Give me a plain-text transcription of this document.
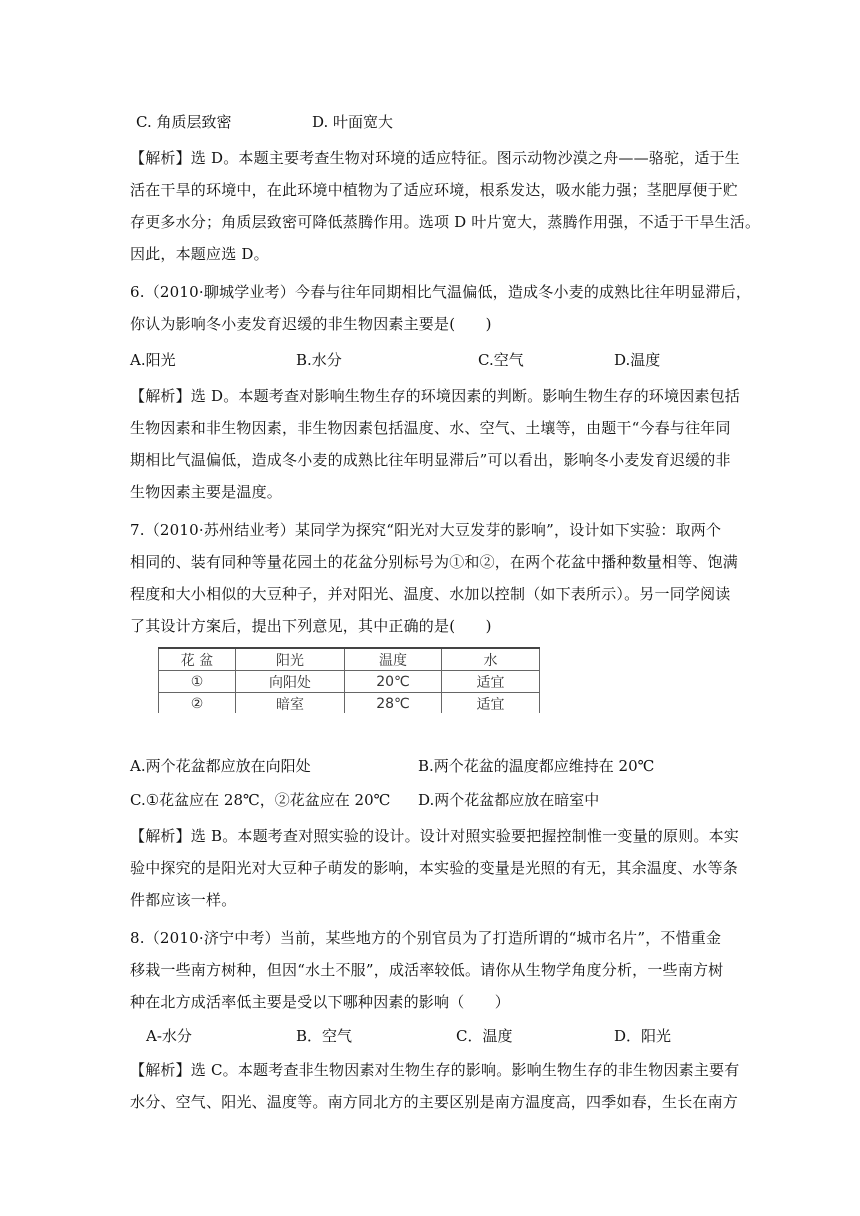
C. 角质层致密	D. 叶面宽大
【解析】选 D。本题主要考查生物对环境的适应特征。图示动物沙漠之舟——骆驼，适于生
活在干旱的环境中，在此环境中植物为了适应环境，根系发达，吸水能力强；茎肥厚便于贮
存更多水分；角质层致密可降低蒸腾作用。选项 D 叶片宽大，蒸腾作用强，不适于干旱生活。
因此，本题应选 D。
6.（2010·聊城学业考）今春与往年同期相比气温偏低，造成冬小麦的成熟比往年明显滞后，
你认为影响冬小麦发育迟缓的非生物因素主要是(　　)
A.阳光	B.水分	C.空气	D.温度
【解析】选 D。本题考查对影响生物生存的环境因素的判断。影响生物生存的环境因素包括
生物因素和非生物因素，非生物因素包括温度、水、空气、土壤等，由题干“今春与往年同
期相比气温偏低，造成冬小麦的成熟比往年明显滞后”可以看出，影响冬小麦发育迟缓的非
生物因素主要是温度。
7.（2010·苏州结业考）某同学为探究“阳光对大豆发芽的影响”，设计如下实验：取两个
相同的、装有同种等量花园土的花盆分别标号为①和②，在两个花盆中播种数量相等、饱满
程度和大小相似的大豆种子，并对阳光、温度、水加以控制（如下表所示）。另一同学阅读
了其设计方案后，提出下列意见，其中正确的是(　　)
花 盆	阳光	温度	水
①	向阳处	20℃	适宜
②	暗室	28℃	适宜
A.两个花盆都应放在向阳处	B.两个花盆的温度都应维持在 20℃
C.①花盆应在 28℃，②花盆应在 20℃ D.两个花盆都应放在暗室中
【解析】选 B。本题考查对照实验的设计。设计对照实验要把握控制惟一变量的原则。本实
验中探究的是阳光对大豆种子萌发的影响，本实验的变量是光照的有无，其余温度、水等条
件都应该一样。
8.（2010·济宁中考）当前，某些地方的个别官员为了打造所谓的“城市名片”，不惜重金
移栽一些南方树种，但因“水土不服”，成活率较低。请你从生物学角度分析，一些南方树
种在北方成活率低主要是受以下哪种因素的影响（　　）
A-水分	B．空气	C．温度	D．阳光
【解析】选 C。本题考查非生物因素对生物生存的影响。影响生物生存的非生物因素主要有
水分、空气、阳光、温度等。南方同北方的主要区别是南方温度高，四季如春，生长在南方
